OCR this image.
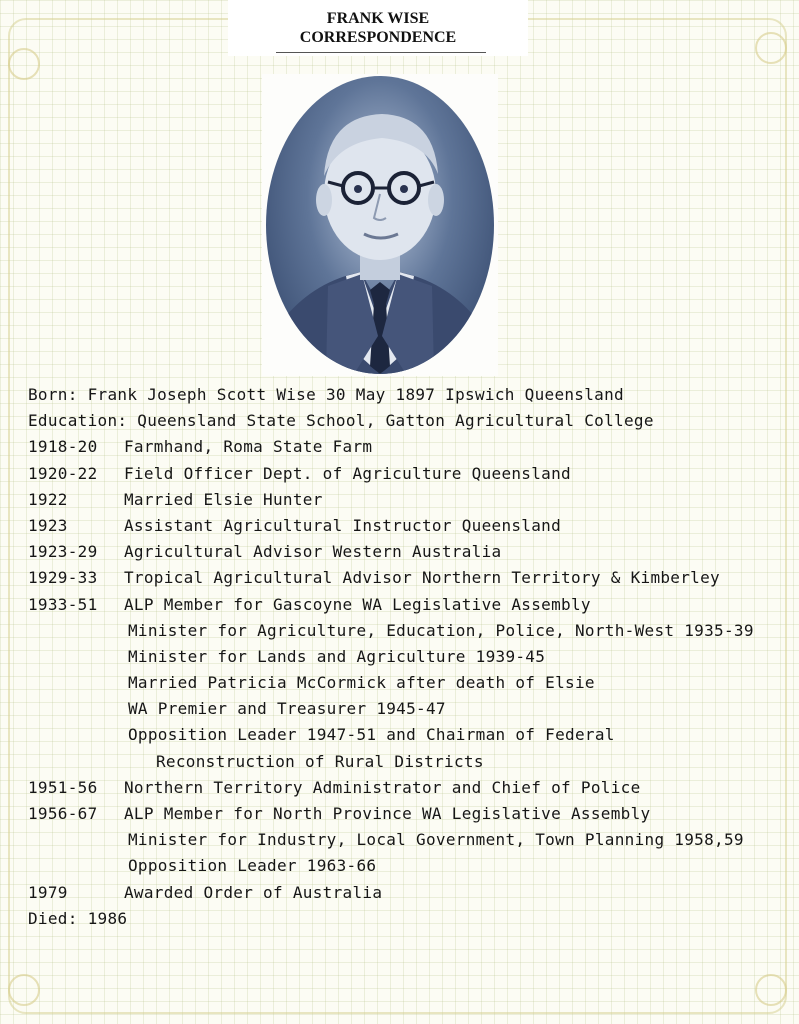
FRANK WISE
CORRESPONDENCE
Born: Frank Joseph Scott Wise 30 May 1897 Ipswich Queensland
Education: Queensland State School, Gatton Agricultural College
1918-20 Farmhand, Roma State Farm
1920-22 Field Officer Dept. of Agriculture Queensland
1922	Married Elsie Hunter
1923	Assistant Agricultural Instructor Queensland
1923-29 Agricultural Advisor Western Australia
1929-33 Tropical Agricultural Advisor Northern Territory & Kimberley
1933-51 ALP Member for Gascoyne WA Legislative Assembly
Minister for Agriculture, Education, Police, North-West 1935-39
Minister for Lands and Agriculture 1939-45
Married Patricia McCormick after death of Elsie
WA Premier and Treasurer 1945-47
Opposition Leader 1947-51 and Chairman of Federal
Reconstruction of Rural Districts
1951-56 Northern Territory Administrator and Chief of Police
1956-67 ALP Member for North Province WA Legislative Assembly
Minister for Industry, Local Government, Town Planning 1958,59
Opposition Leader 1963-66
1979	Awarded Order of Australia
Died: 1986
